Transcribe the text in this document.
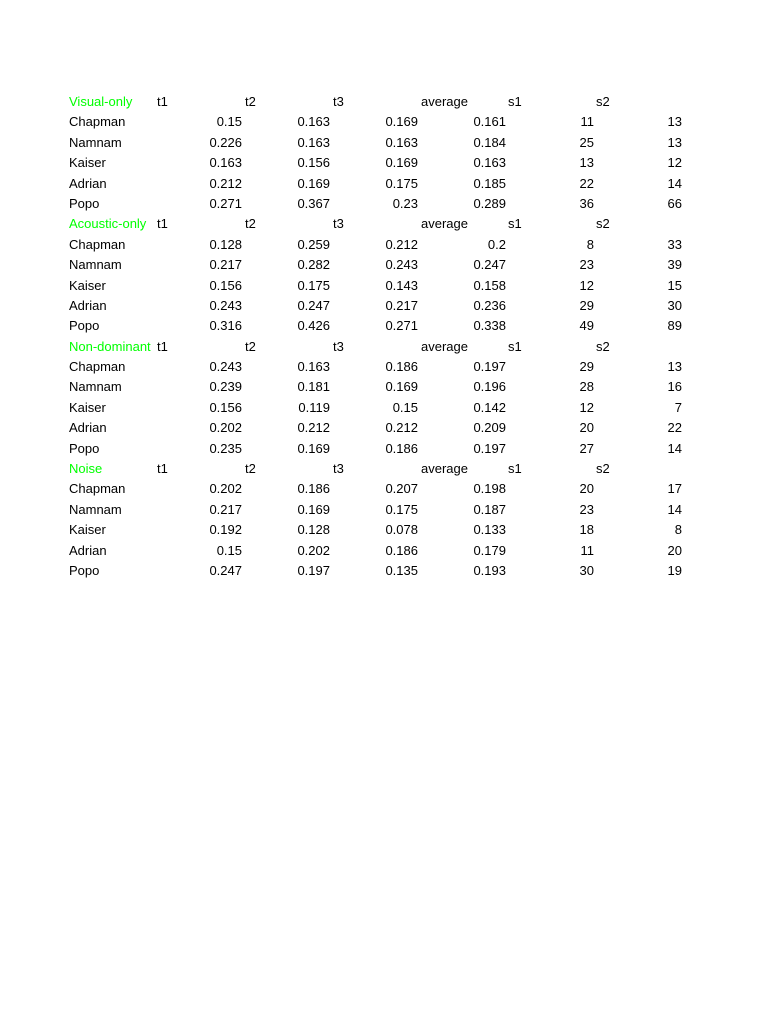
Visual-only t1	t2	t3	average	s1	s2
Chapman	0.15	0.163	0.169	0.161	11	13
Namnam	0.226	0.163	0.163	0.184	25	13
Kaiser	0.163	0.156	0.169	0.163	13	12
Adrian	0.212	0.169	0.175	0.185	22	14
Popo	0.271	0.367	0.23	0.289	36	66
Acoustic-only t1	t2	t3	average	s1	s2
Chapman	0.128	0.259	0.212	0.2	8	33
Namnam	0.217	0.282	0.243	0.247	23	39
Kaiser	0.156	0.175	0.143	0.158	12	15
Adrian	0.243	0.247	0.217	0.236	29	30
Popo	0.316	0.426	0.271	0.338	49	89
Non-dominant t1	t2	t3	average	s1	s2
Chapman	0.243	0.163	0.186	0.197	29	13
Namnam	0.239	0.181	0.169	0.196	28	16
Kaiser	0.156	0.119	0.15	0.142	12	7
Adrian	0.202	0.212	0.212	0.209	20	22
Popo	0.235	0.169	0.186	0.197	27	14
Noise	t1	t2	t3	average	s1	s2
Chapman	0.202	0.186	0.207	0.198	20	17
Namnam	0.217	0.169	0.175	0.187	23	14
Kaiser	0.192	0.128	0.078	0.133	18	8
Adrian	0.15	0.202	0.186	0.179	11	20
Popo	0.247	0.197	0.135	0.193	30	19
